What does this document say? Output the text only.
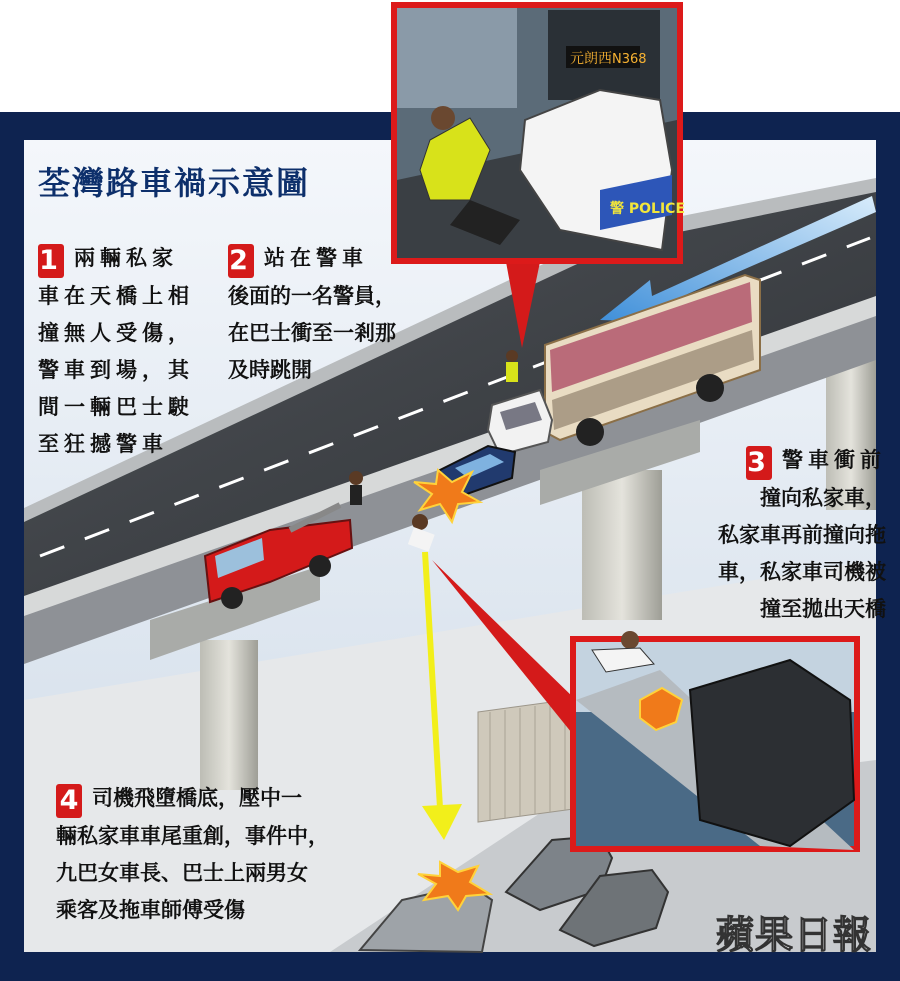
元朗西 N368
警 POLICE
荃灣路車禍示意圖
1 兩輛私家
車在天橋上相
撞無人受傷，
警車到場，其
間一輛巴士駛
至狂撼警車
2 站在警車
後面的一名警員，
在巴士衝至一剎那
及時跳開
3 警車衝前
撞向私家車，
私家車再前撞向拖
車，私家車司機被
撞至拋出天橋
4 司機飛墮橋底，壓中一
輛私家車車尾重創，事件中，
九巴女車長、巴士上兩男女
乘客及拖車師傅受傷
蘋果日報
